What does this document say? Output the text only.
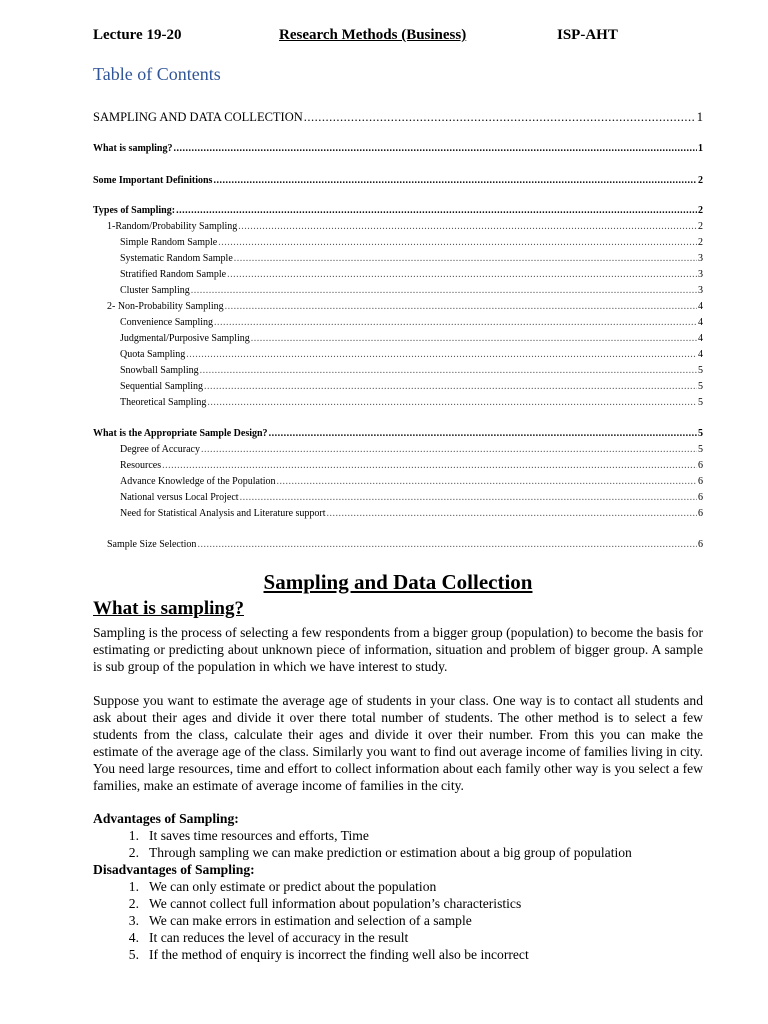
Lecture 19-20	Research Methods (Business)	ISP-AHT
Table of Contents
SAMPLING AND DATA COLLECTION .....	1
What is sampling? .....	1
Some Important Definitions .....	2
Types of Sampling: .....	2
1-Random/Probability Sampling .....	2
Simple Random Sample .....	2
Systematic Random Sample .....	3
Stratified Random Sample .....	3
Cluster Sampling .....	3
2- Non-Probability Sampling .....	4
Convenience Sampling .....	4
Judgmental/Purposive Sampling .....	4
Quota Sampling .....	4
Snowball Sampling .....	5
Sequential Sampling .....	5
Theoretical Sampling .....	5
What is the Appropriate Sample Design? .....	5
Degree of Accuracy .....	5
Resources .....	6
Advance Knowledge of the Population .....	6
National versus Local Project .....	6
Need for Statistical Analysis and Literature support .....	6
Sample Size Selection .....	6
Sampling and Data Collection
What is sampling?

Sampling is the process of selecting a few respondents from a bigger group (population) to become the basis for estimating or predicting about unknown piece of information, situation and problem of bigger group. A sample is sub group of the population in which we have interest to study.

Suppose you want to estimate the average age of students in your class. One way is to contact all students and ask about their ages and divide it over there total number of students. The other method is to select a few students from the class, calculate their ages and divide it over their number. From this you can make the estimate of the average age of the class. Similarly you want to find out average income of families living in city. You need large resources, time and effort to collect information about each family other way is you select a few families, make an estimate of average income of families in the city.

Advantages of Sampling:
1. It saves time resources and efforts, Time
2. Through sampling we can make prediction or estimation about a big group of population
Disadvantages of Sampling:
1. We can only estimate or predict about the population
2. We cannot collect full information about population’s characteristics
3. We can make errors in estimation and selection of a sample
4. It can reduces the level of accuracy in the result
5. If the method of enquiry is incorrect the finding well also be incorrect
